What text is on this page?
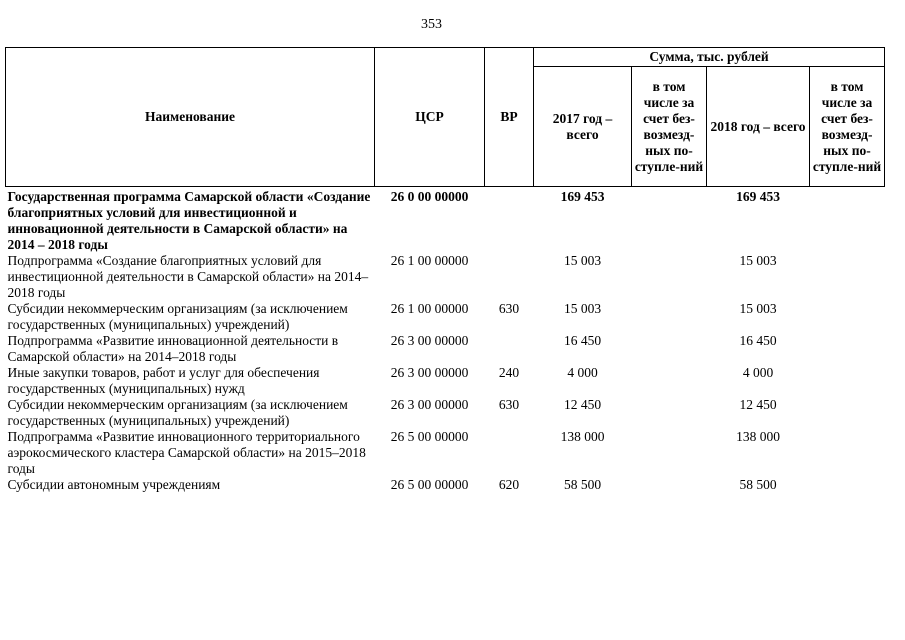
353
Наименование	ЦСР	ВР	Сумма, тыс. рублей			
			2017 год – всего	в том числе за счет без-возмезд-ных по-ступле-ний	2018 год – всего	в том числе за счет без-возмезд-ных по-ступле-ний
Государственная программа Самарской области «Создание благоприятных условий для инвестиционной и инновационной деятельности в Самарской области» на 2014 – 2018 годы	26 0 00 00000		169 453		169 453	
Подпрограмма «Создание благоприятных условий для инвестиционной деятельности в Самарской области» на 2014–2018 годы	26 1 00 00000		15 003		15 003	
Субсидии некоммерческим организациям (за исключением государственных (муниципальных) учреждений)	26 1 00 00000	630	15 003		15 003	
Подпрограмма «Развитие инновационной деятельности в Самарской области» на 2014–2018 годы	26 3 00 00000		16 450		16 450	
Иные закупки товаров, работ и услуг для обеспечения государственных (муниципальных) нужд	26 3 00 00000	240	4 000		4 000	
Субсидии некоммерческим организациям (за исключением государственных (муниципальных) учреждений)	26 3 00 00000	630	12 450		12 450	
Подпрограмма «Развитие инновационного территориального аэрокосмического кластера Самарской области» на 2015–2018 годы	26 5 00 00000		138 000		138 000	
Субсидии автономным учреждениям	26 5 00 00000	620	58 500		58 500	
